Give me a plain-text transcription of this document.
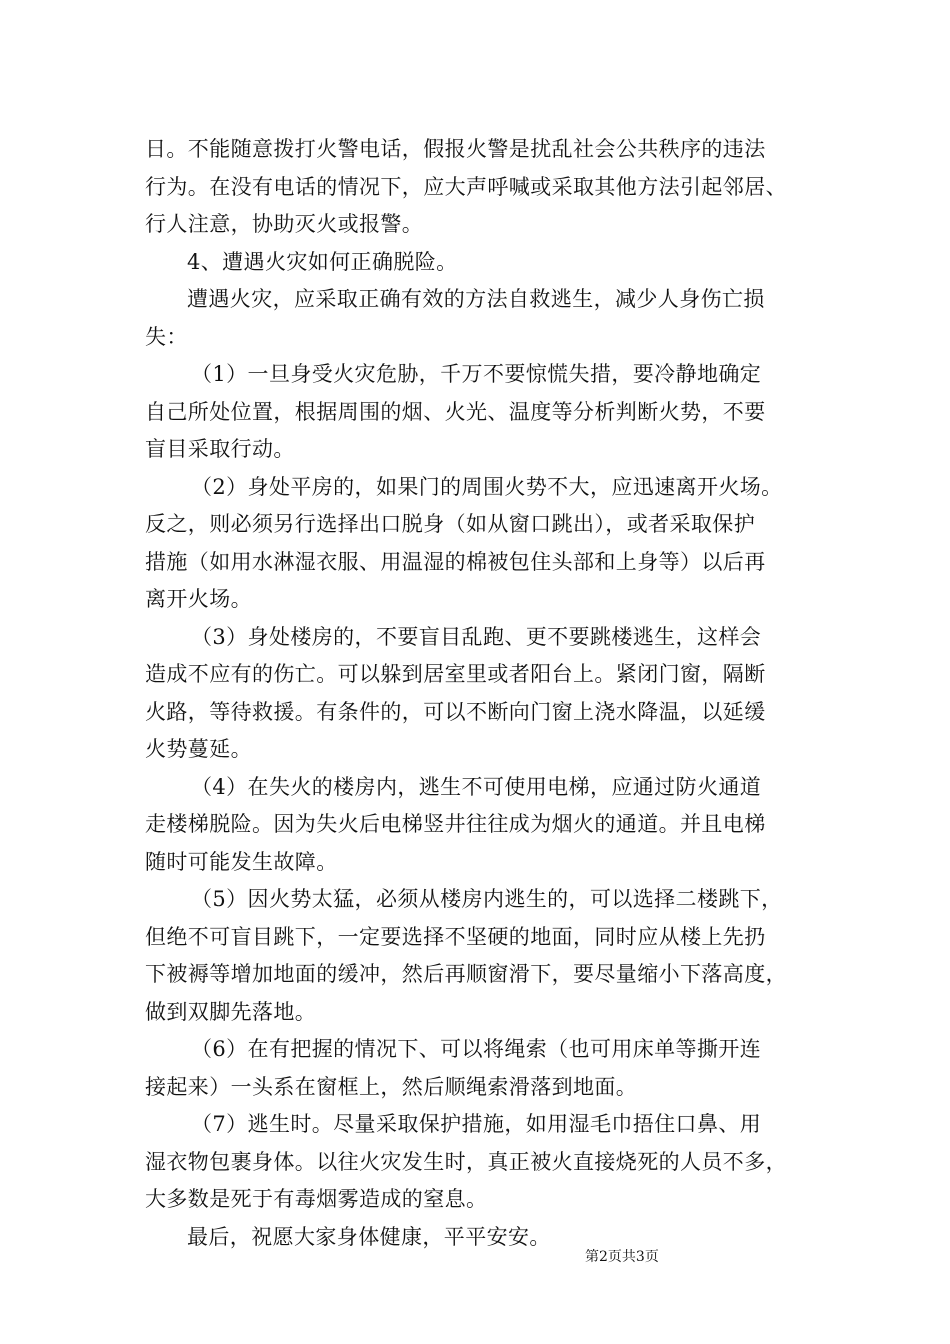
日。不能随意拨打火警电话，假报火警是扰乱社会公共秩序的违法
行为。在没有电话的情况下，应大声呼喊或采取其他方法引起邻居、
行人注意，协助灭火或报警。
4、遭遇火灾如何正确脱险。
遭遇火灾，应采取正确有效的方法自救逃生，减少人身伤亡损
失：
（1）一旦身受火灾危胁，千万不要惊慌失措，要冷静地确定
自己所处位置，根据周围的烟、火光、温度等分析判断火势，不要
盲目采取行动。
（2）身处平房的，如果门的周围火势不大，应迅速离开火场。
反之，则必须另行选择出口脱身（如从窗口跳出），或者采取保护
措施（如用水淋湿衣服、用温湿的棉被包住头部和上身等）以后再
离开火场。
（3）身处楼房的，不要盲目乱跑、更不要跳楼逃生，这样会
造成不应有的伤亡。可以躲到居室里或者阳台上。紧闭门窗，隔断
火路，等待救援。有条件的，可以不断向门窗上浇水降温，以延缓
火势蔓延。
（4）在失火的楼房内，逃生不可使用电梯，应通过防火通道
走楼梯脱险。因为失火后电梯竖井往往成为烟火的通道。并且电梯
随时可能发生故障。
（5）因火势太猛，必须从楼房内逃生的，可以选择二楼跳下，
但绝不可盲目跳下，一定要选择不坚硬的地面，同时应从楼上先扔
下被褥等增加地面的缓冲，然后再顺窗滑下，要尽量缩小下落高度，
做到双脚先落地。
（6）在有把握的情况下、可以将绳索（也可用床单等撕开连
接起来）一头系在窗框上，然后顺绳索滑落到地面。
（7）逃生时。尽量采取保护措施，如用湿毛巾捂住口鼻、用
湿衣物包裹身体。以往火灾发生时，真正被火直接烧死的人员不多，
大多数是死于有毒烟雾造成的窒息。
最后，祝愿大家身体健康，平平安安。
第2页共3页
